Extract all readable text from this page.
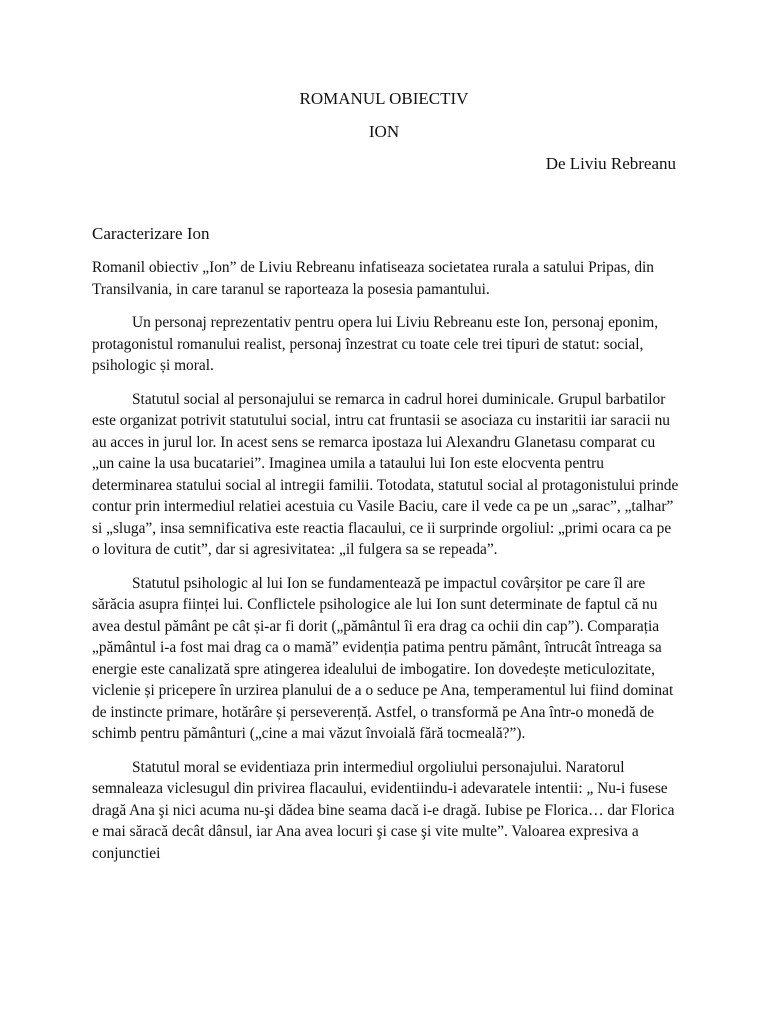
ROMANUL OBIECTIV
ION
De Liviu Rebreanu
Caracterizare Ion

Romanil obiectiv „Ion” de Liviu Rebreanu infatiseaza societatea rurala a satului Pripas, din Transilvania, in care taranul se raporteaza la posesia pamantului.

Un personaj reprezentativ pentru opera lui Liviu Rebreanu este Ion, personaj eponim, protagonistul romanului realist, personaj înzestrat cu toate cele trei tipuri de statut: social, psihologic și moral.

Statutul social al personajului se remarca in cadrul horei duminicale. Grupul barbatilor este organizat potrivit statutului social, intru cat fruntasii se asociaza cu instaritii iar saracii nu au acces in jurul lor. In acest sens se remarca ipostaza lui Alexandru Glanetasu comparat cu „un caine la usa bucatariei”. Imaginea umila a tataului lui Ion este elocventa pentru determinarea statului social al intregii familii. Totodata, statutul social al protagonistului prinde contur prin intermediul relatiei acestuia cu Vasile Baciu, care il vede ca pe un „sarac”, „talhar” si „sluga”, insa semnificativa este reactia flacaului, ce ii surprinde orgoliul: „primi ocara ca pe o lovitura de cutit”, dar si agresivitatea: „il fulgera sa se repeada”.

Statutul psihologic al lui Ion se fundamentează pe impactul covârșitor pe care îl are sărăcia asupra ființei lui. Conflictele psihologice ale lui Ion sunt determinate de faptul că nu avea destul pământ pe cât și-ar fi dorit („pământul îi era drag ca ochii din cap”). Comparația „pământul i-a fost mai drag ca o mamă” evidențiа patima pentru pământ, întrucât întreaga sa energie este canalizată spre atingerea idealului de imbogatire. Ion dovedește meticulozitate, viclenie și pricepere în urzirea planului de a o seduce pe Ana, temperamentul lui fiind dominat de instincte primare, hotărâre și perseverență. Astfel, o transformă pe Ana într-o monedă de schimb pentru pământuri („cine a mai văzut învoială fără tocmeală?”).

Statutul moral se evidentiaza prin intermediul orgoliului personajului. Naratorul semnaleaza viclesugul din privirea flacaului, evidentiindu-i adevaratele intentii: „ Nu-i fusese dragă Ana şi nici acuma nu-şi dădea bine seama dacă i-e dragă. Iubise pe Florica… dar Florica e mai săracă decât dânsul, iar Ana avea locuri şi case şi vite multe”. Valoarea expresiva a conjunctiei
